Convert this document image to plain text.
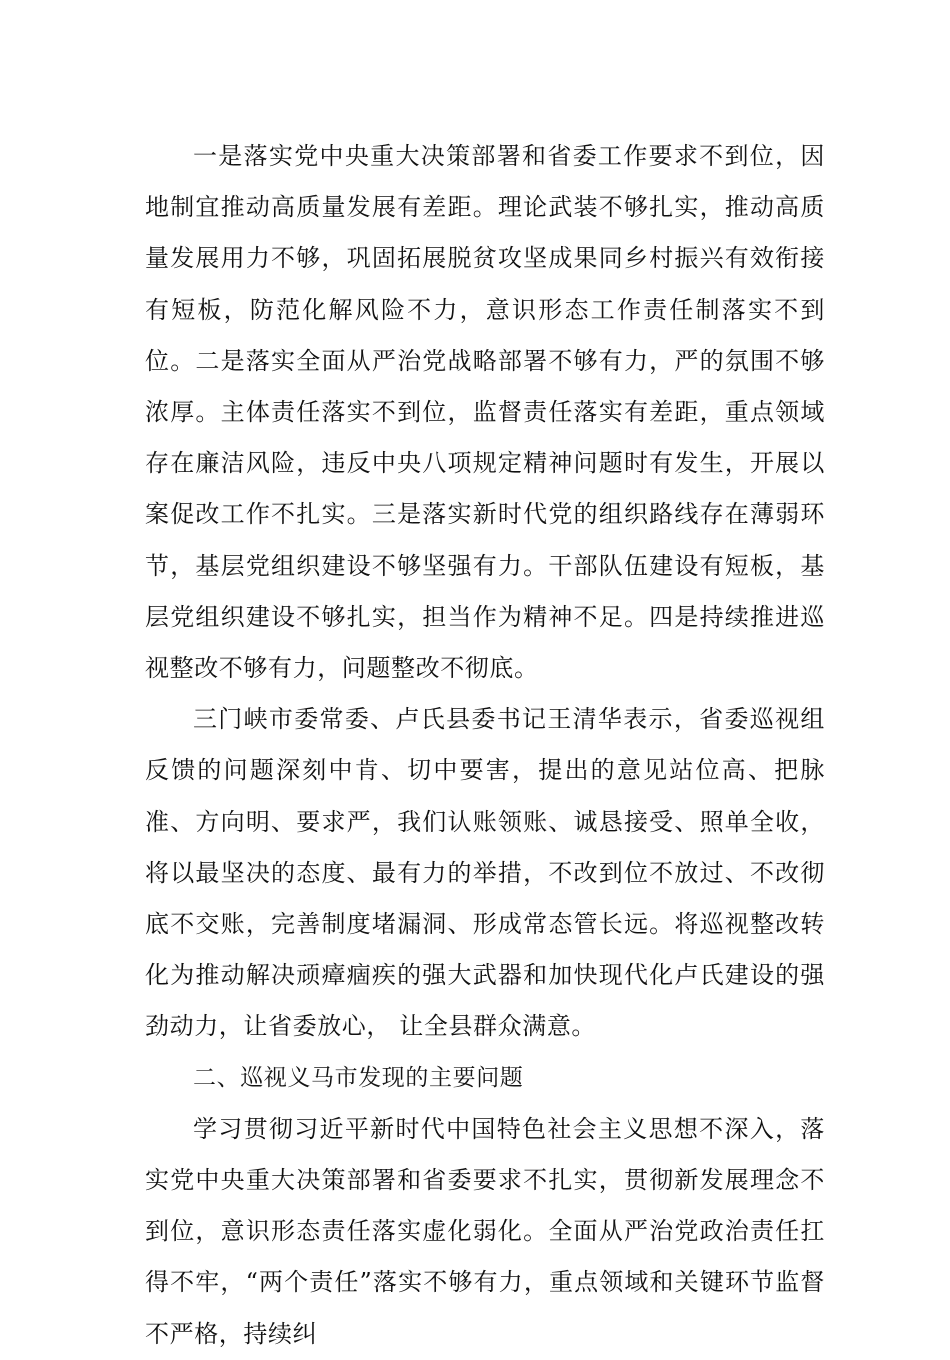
一是落实党中央重大决策部署和省委工作要求不到位，因地制宜推动高质量发展有差距。理论武装不够扎实，推动高质量发展用力不够，巩固拓展脱贫攻坚成果同乡村振兴有效衔接有短板，防范化解风险不力，意识形态工作责任制落实不到位。二是落实全面从严治党战略部署不够有力，严的氛围不够浓厚。主体责任落实不到位，监督责任落实有差距，重点领域存在廉洁风险，违反中央八项规定精神问题时有发生，开展以案促改工作不扎实。三是落实新时代党的组织路线存在薄弱环节，基层党组织建设不够坚强有力。干部队伍建设有短板，基层党组织建设不够扎实，担当作为精神不足。四是持续推进巡视整改不够有力，问题整改不彻底。

三门峡市委常委、卢氏县委书记王清华表示，省委巡视组反馈的问题深刻中肯、切中要害，提出的意见站位高、把脉准、方向明、要求严，我们认账领账、诚恳接受、照单全收，将以最坚决的态度、最有力的举措，不改到位不放过、不改彻底不交账，完善制度堵漏洞、形成常态管长远。将巡视整改转化为推动解决顽瘴痼疾的强大武器和加快现代化卢氏建设的强劲动力，让省委放心， 让全县群众满意。

二、巡视义马市发现的主要问题

学习贯彻习近平新时代中国特色社会主义思想不深入，落实党中央重大决策部署和省委要求不扎实，贯彻新发展理念不到位，意识形态责任落实虚化弱化。全面从严治党政治责任扛得不牢，“两个责任”落实不够有力，重点领域和关键环节监督不严格，持续纠
